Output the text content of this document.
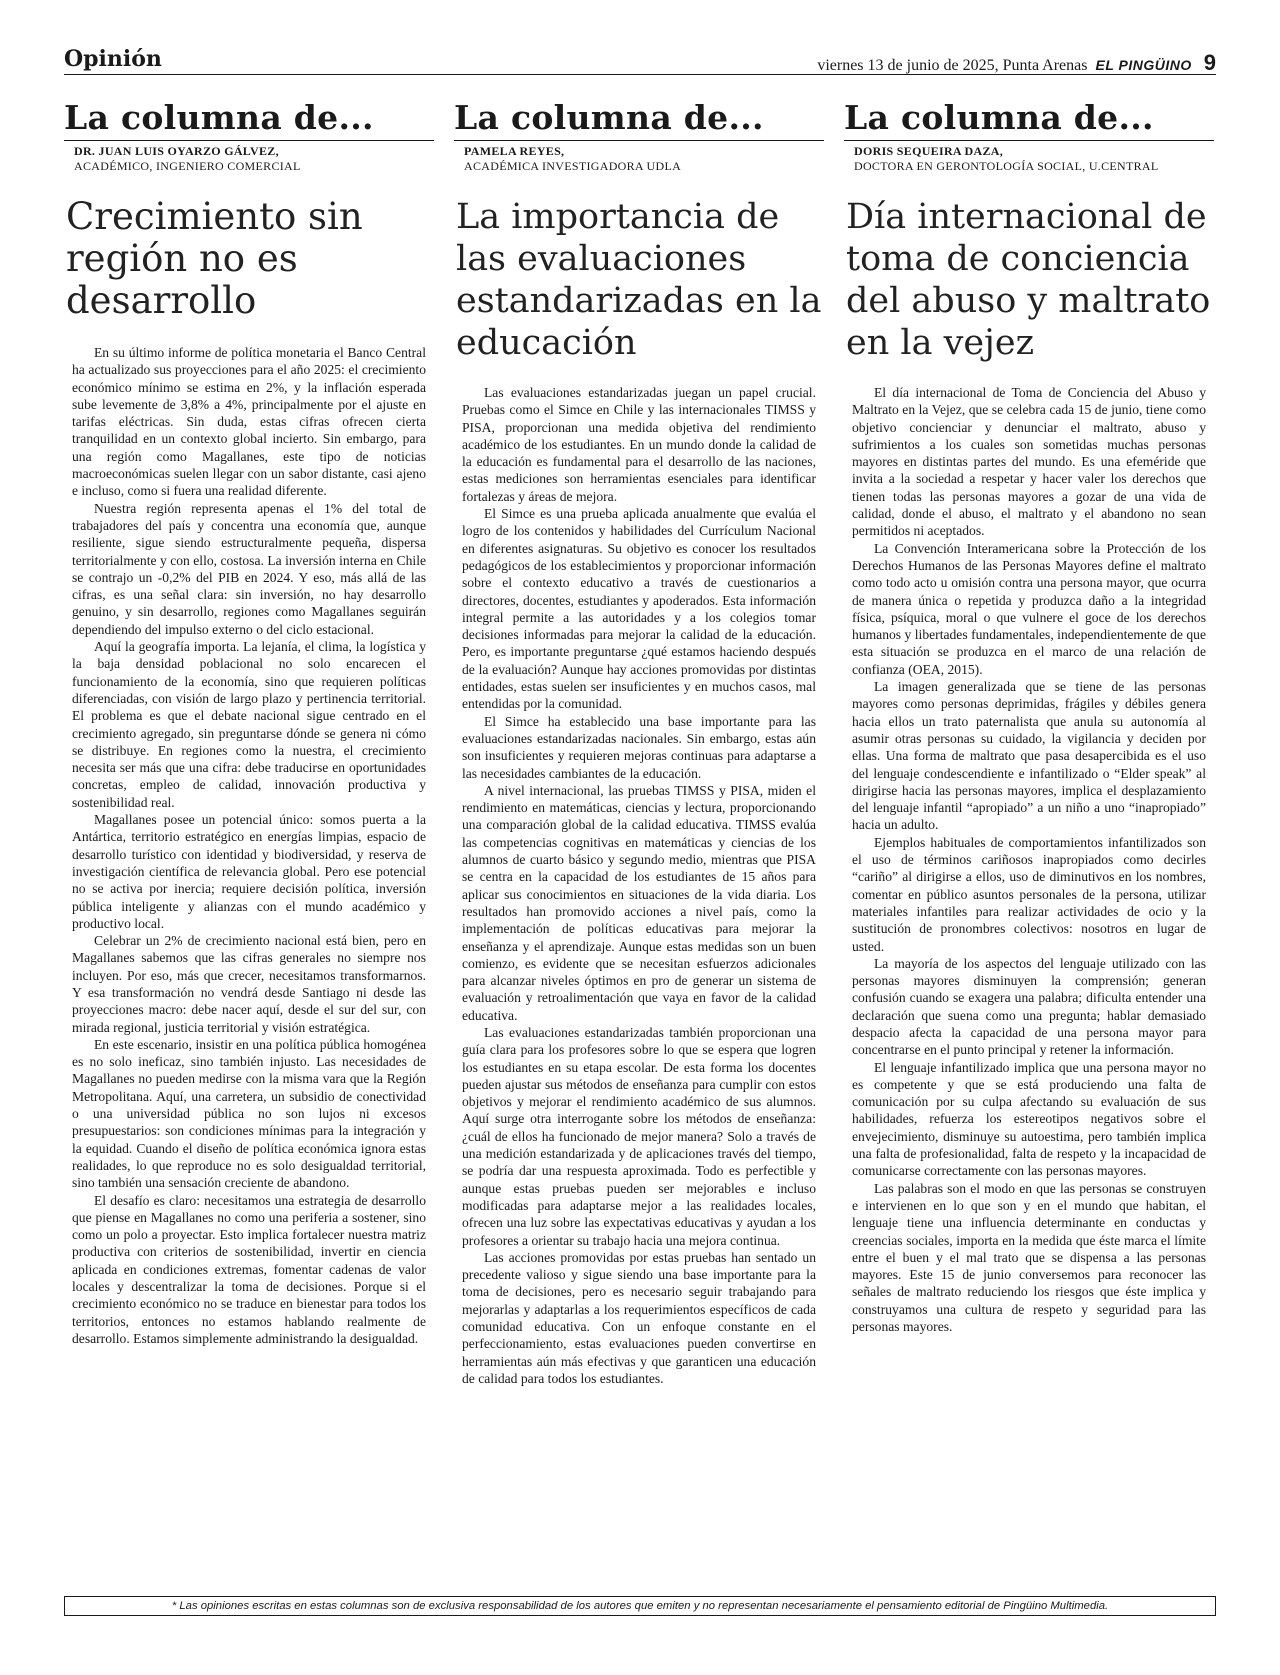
Opinión	viernes 13 de junio de 2025, Punta Arenas EL PINGÜINO 9
La columna de...
DR. JUAN LUIS OYARZO GÁLVEZ,
ACADÉMICO, INGENIERO COMERCIAL
Crecimiento sin región no es desarrollo

En su último informe de política monetaria el Banco Central ha actualizado sus proyecciones para el año 2025: el crecimiento económico mínimo se estima en 2%, y la inflación esperada sube levemente de 3,8% a 4%, principalmente por el ajuste en tarifas eléctricas. Sin duda, estas cifras ofrecen cierta tranquilidad en un contexto global incierto. Sin embargo, para una región como Magallanes, este tipo de noticias macroeconómicas suelen llegar con un sabor distante, casi ajeno e incluso, como si fuera una realidad diferente.

Nuestra región representa apenas el 1% del total de trabajadores del país y concentra una economía que, aunque resiliente, sigue siendo estructuralmente pequeña, dispersa territorialmente y con ello, costosa. La inversión interna en Chile se contrajo un -0,2% del PIB en 2024. Y eso, más allá de las cifras, es una señal clara: sin inversión, no hay desarrollo genuino, y sin desarrollo, regiones como Magallanes seguirán dependiendo del impulso externo o del ciclo estacional.

Aquí la geografía importa. La lejanía, el clima, la logística y la baja densidad poblacional no solo encarecen el funcionamiento de la economía, sino que requieren políticas diferenciadas, con visión de largo plazo y pertinencia territorial. El problema es que el debate nacional sigue centrado en el crecimiento agregado, sin preguntarse dónde se genera ni cómo se distribuye. En regiones como la nuestra, el crecimiento necesita ser más que una cifra: debe traducirse en oportunidades concretas, empleo de calidad, innovación productiva y sostenibilidad real.

Magallanes posee un potencial único: somos puerta a la Antártica, territorio estratégico en energías limpias, espacio de desarrollo turístico con identidad y biodiversidad, y reserva de investigación científica de relevancia global. Pero ese potencial no se activa por inercia; requiere decisión política, inversión pública inteligente y alianzas con el mundo académico y productivo local.

Celebrar un 2% de crecimiento nacional está bien, pero en Magallanes sabemos que las cifras generales no siempre nos incluyen. Por eso, más que crecer, necesitamos transformarnos. Y esa transformación no vendrá desde Santiago ni desde las proyecciones macro: debe nacer aquí, desde el sur del sur, con mirada regional, justicia territorial y visión estratégica.

En este escenario, insistir en una política pública homogénea es no solo ineficaz, sino también injusto. Las necesidades de Magallanes no pueden medirse con la misma vara que la Región Metropolitana. Aquí, una carretera, un subsidio de conectividad o una universidad pública no son lujos ni excesos presupuestarios: son condiciones mínimas para la integración y la equidad. Cuando el diseño de política económica ignora estas realidades, lo que reproduce no es solo desigualdad territorial, sino también una sensación creciente de abandono.

El desafío es claro: necesitamos una estrategia de desarrollo que piense en Magallanes no como una periferia a sostener, sino como un polo a proyectar. Esto implica fortalecer nuestra matriz productiva con criterios de sostenibilidad, invertir en ciencia aplicada en condiciones extremas, fomentar cadenas de valor locales y descentralizar la toma de decisiones. Porque si el crecimiento económico no se traduce en bienestar para todos los territorios, entonces no estamos hablando realmente de desarrollo. Estamos simplemente administrando la desigualdad.

La columna de...
PAMELA REYES,
ACADÉMICA INVESTIGADORA UDLA
La importancia de las evaluaciones estandarizadas en la educación

Las evaluaciones estandarizadas juegan un papel crucial. Pruebas como el Simce en Chile y las internacionales TIMSS y PISA, proporcionan una medida objetiva del rendimiento académico de los estudiantes. En un mundo donde la calidad de la educación es fundamental para el desarrollo de las naciones, estas mediciones son herramientas esenciales para identificar fortalezas y áreas de mejora.

El Simce es una prueba aplicada anualmente que evalúa el logro de los contenidos y habilidades del Currículum Nacional en diferentes asignaturas. Su objetivo es conocer los resultados pedagógicos de los establecimientos y proporcionar información sobre el contexto educativo a través de cuestionarios a directores, docentes, estudiantes y apoderados. Esta información integral permite a las autoridades y a los colegios tomar decisiones informadas para mejorar la calidad de la educación. Pero, es importante preguntarse ¿qué estamos haciendo después de la evaluación? Aunque hay acciones promovidas por distintas entidades, estas suelen ser insuficientes y en muchos casos, mal entendidas por la comunidad.

El Simce ha establecido una base importante para las evaluaciones estandarizadas nacionales. Sin embargo, estas aún son insuficientes y requieren mejoras continuas para adaptarse a las necesidades cambiantes de la educación.

A nivel internacional, las pruebas TIMSS y PISA, miden el rendimiento en matemáticas, ciencias y lectura, proporcionando una comparación global de la calidad educativa. TIMSS evalúa las competencias cognitivas en matemáticas y ciencias de los alumnos de cuarto básico y segundo medio, mientras que PISA se centra en la capacidad de los estudiantes de 15 años para aplicar sus conocimientos en situaciones de la vida diaria. Los resultados han promovido acciones a nivel país, como la implementación de políticas educativas para mejorar la enseñanza y el aprendizaje. Aunque estas medidas son un buen comienzo, es evidente que se necesitan esfuerzos adicionales para alcanzar niveles óptimos en pro de generar un sistema de evaluación y retroalimentación que vaya en favor de la calidad educativa.

Las evaluaciones estandarizadas también proporcionan una guía clara para los profesores sobre lo que se espera que logren los estudiantes en su etapa escolar. De esta forma los docentes pueden ajustar sus métodos de enseñanza para cumplir con estos objetivos y mejorar el rendimiento académico de sus alumnos. Aquí surge otra interrogante sobre los métodos de enseñanza: ¿cuál de ellos ha funcionado de mejor manera? Solo a través de una medición estandarizada y de aplicaciones través del tiempo, se podría dar una respuesta aproximada. Todo es perfectible y aunque estas pruebas pueden ser mejorables e incluso modificadas para adaptarse mejor a las realidades locales, ofrecen una luz sobre las expectativas educativas y ayudan a los profesores a orientar su trabajo hacia una mejora continua.

Las acciones promovidas por estas pruebas han sentado un precedente valioso y sigue siendo una base importante para la toma de decisiones, pero es necesario seguir trabajando para mejorarlas y adaptarlas a los requerimientos específicos de cada comunidad educativa. Con un enfoque constante en el perfeccionamiento, estas evaluaciones pueden convertirse en herramientas aún más efectivas y que garanticen una educación de calidad para todos los estudiantes.

La columna de...
DORIS SEQUEIRA DAZA,
DOCTORA EN GERONTOLOGÍA SOCIAL, U.CENTRAL
Día internacional de toma de conciencia del abuso y maltrato en la vejez

El día internacional de Toma de Conciencia del Abuso y Maltrato en la Vejez, que se celebra cada 15 de junio, tiene como objetivo concienciar y denunciar el maltrato, abuso y sufrimientos a los cuales son sometidas muchas personas mayores en distintas partes del mundo. Es una efeméride que invita a la sociedad a respetar y hacer valer los derechos que tienen todas las personas mayores a gozar de una vida de calidad, donde el abuso, el maltrato y el abandono no sean permitidos ni aceptados.

La Convención Interamericana sobre la Protección de los Derechos Humanos de las Personas Mayores define el maltrato como todo acto u omisión contra una persona mayor, que ocurra de manera única o repetida y produzca daño a la integridad física, psíquica, moral o que vulnere el goce de los derechos humanos y libertades fundamentales, independientemente de que esta situación se produzca en el marco de una relación de confianza (OEA, 2015).

La imagen generalizada que se tiene de las personas mayores como personas deprimidas, frágiles y débiles genera hacia ellos un trato paternalista que anula su autonomía al asumir otras personas su cuidado, la vigilancia y deciden por ellas. Una forma de maltrato que pasa desapercibida es el uso del lenguaje condescendiente e infantilizado o “Elder speak” al dirigirse hacia las personas mayores, implica el desplazamiento del lenguaje infantil “apropiado” a un niño a uno “inapropiado” hacia un adulto.

Ejemplos habituales de comportamientos infantilizados son el uso de términos cariñosos inapropiados como decirles “cariño” al dirigirse a ellos, uso de diminutivos en los nombres, comentar en público asuntos personales de la persona, utilizar materiales infantiles para realizar actividades de ocio y la sustitución de pronombres colectivos: nosotros en lugar de usted.

La mayoría de los aspectos del lenguaje utilizado con las personas mayores disminuyen la comprensión; generan confusión cuando se exagera una palabra; dificulta entender una declaración que suena como una pregunta; hablar demasiado despacio afecta la capacidad de una persona mayor para concentrarse en el punto principal y retener la información.

El lenguaje infantilizado implica que una persona mayor no es competente y que se está produciendo una falta de comunicación por su culpa afectando su evaluación de sus habilidades, refuerza los estereotipos negativos sobre el envejecimiento, disminuye su autoestima, pero también implica una falta de profesionalidad, falta de respeto y la incapacidad de comunicarse correctamente con las personas mayores.

Las palabras son el modo en que las personas se construyen e intervienen en lo que son y en el mundo que habitan, el lenguaje tiene una influencia determinante en conductas y creencias sociales, importa en la medida que éste marca el límite entre el buen y el mal trato que se dispensa a las personas mayores. Este 15 de junio conversemos para reconocer las señales de maltrato reduciendo los riesgos que éste implica y construyamos una cultura de respeto y seguridad para las personas mayores.

* Las opiniones escritas en estas columnas son de exclusiva responsabilidad de los autores que emiten y no representan necesariamente el pensamiento editorial de Pingüino Multimedia.
